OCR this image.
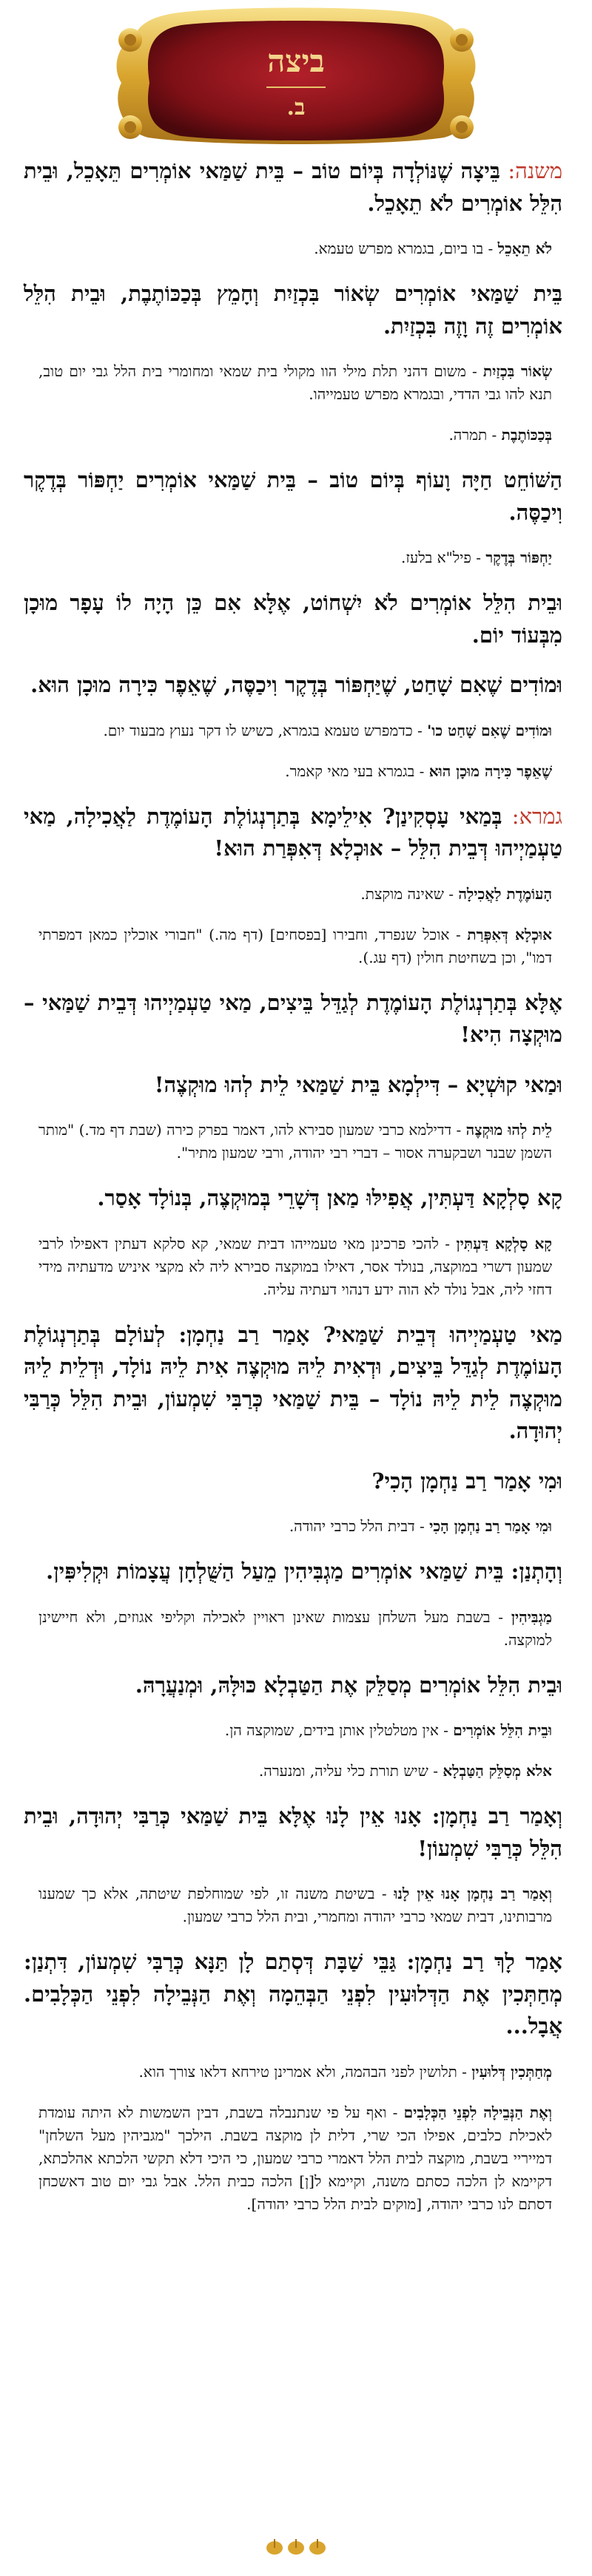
ביצה
ב.
משנה: בֵּיצָה שֶׁנּוֹלְדָה בְּיוֹם טוֹב – בֵּית שַׁמַּאי אוֹמְרִים תֵּאָכֵל, וּבֵית הִלֵּל אוֹמְרִים לֹא תֵאָכֵל.
לֹא תֵאָכֵל - בו ביום, בגמרא מפרש טעמא.
בֵּית שַׁמַּאי אוֹמְרִים שְׂאוֹר בִּכְזַיִת וְחָמֵץ בְּכַכּוֹתֶבֶת, וּבֵית הִלֵּל אוֹמְרִים זֶה וָזֶה בִּכְזַיִת.
שְׂאוֹר בִּכְזַיִת - משום דהני תלת מילי הוו מקולי בית שמאי ומחומרי בית הלל גבי יום טוב, תנא להו גבי הדדי, ובגמרא מפרש טעמייהו.
בְּכַכּוֹתֶבֶת - תמרה.
הַשּׁוֹחֵט חַיָּה וָעוֹף בְּיוֹם טוֹב – בֵּית שַׁמַּאי אוֹמְרִים יַחְפּוֹר בְּדֶקֶר וִיכַסֶּה.
יַחְפּוֹר בְּדֶקֶר - פיל"א בלעז.
וּבֵית הִלֵּל אוֹמְרִים לֹא יִשְׁחוֹט, אֶלָּא אִם כֵּן הָיָה לוֹ עָפָר מוּכָן מִבְּעוֹד יוֹם.
וּמוֹדִים שֶׁאִם שָׁחַט, שֶׁיַּחְפּוֹר בְּדֶקֶר וִיכַסֶּה, שֶׁאֵפֶר כִּירָה מוּכָן הוּא.
וּמוֹדִים שֶׁאִם שָׁחַט כו' - כדמפרש טעמא בגמרא, כשיש לו דקר נעוץ מבעוד יום.
שֶׁאֵפֶר כִּירָה מוּכָן הוּא - בגמרא בעי מאי קאמר.
גמרא: בְּמַאי עָסְקִינַן? אִילֵימָא בְּתַרְנְגוֹלֶת הָעוֹמֶדֶת לַאֲכִילָה, מַאי טַעְמַיְיהוּ דְּבֵית הִלֵּל – אוּכְלָא דְּאִפְּרַת הוּא!
הָעוֹמֶדֶת לַאֲכִילָה - שאינה מוקצת.
אוּכְלָא דְּאִפְּרַת - אוכל שנפרד, וחבירו [בפסחים] (דף מה.) "חבורי אוכלין כמאן דמפרתי דמו", וכן בשחיטת חולין (דף עג.).
אֶלָּא בְּתַרְנְגוֹלֶת הָעוֹמֶדֶת לְגַדֵּל בֵּיצִים, מַאי טַעְמַיְיהוּ דְּבֵית שַׁמַּאי – מוּקְצָה הִיא!
וּמַאי קוּשְׁיָא – דִּילְמָא בֵּית שַׁמַּאי לֵית לְהוּ מוּקְצֶה!
לֵית לְהוּ מוּקְצֶה - דדילמא כרבי שמעון סבירא להו, דאמר בפרק כירה (שבת דף מד.) "מותר השמן שבנר ושבקערה אסור – דברי רבי יהודה, ורבי שמעון מתיר".
קָא סָלְקָא דַּעְתִּין, אֲפִילּוּ מַאן דְּשָׁרֵי בְּמוּקְצֶה, בְּנוֹלָד אָסַר.
קָא סָלְקָא דַּעְתִּין - להכי פרכינן מאי טעמייהו דבית שמאי, קא סלקא דעתין דאפילו לרבי שמעון דשרי במוקצה, בנולד אסר, דאילו במוקצה סבירא ליה לא מקצי איניש מדעתיה מידי דחזי ליה, אבל נולד לא הוה ידע דנהוי דעתיה עליה.
מַאי טַעְמַיְיהוּ דְּבֵית שַׁמַּאי? אָמַר רַב נַחְמָן: לְעוֹלָם בְּתַרְנְגוֹלֶת הָעוֹמֶדֶת לְגַדֵּל בֵּיצִים, וּדְאִית לֵיהּ מוּקְצֶה אִית לֵיהּ נוֹלָד, וּדְלֵית לֵיהּ מוּקְצֶה לֵית לֵיהּ נוֹלָד – בֵּית שַׁמַּאי כְּרַבִּי שִׁמְעוֹן, וּבֵית הִלֵּל כְּרַבִּי יְהוּדָה.
וּמִי אָמַר רַב נַחְמָן הָכִי?
וּמִי אָמַר רַב נַחְמָן הָכִי - דבית הלל כרבי יהודה.
וְהָתְנַן: בֵּית שַׁמַּאי אוֹמְרִים מַגְבִּיהִין מֵעַל הַשֻּׁלְחָן עֲצָמוֹת וּקְלִיפִּין.
מַגְבִּיהִין - בשבת מעל השלחן עצמות שאינן ראויין לאכילה וקליפי אגוזים, ולא חיישינן למוקצה.
וּבֵית הִלֵּל אוֹמְרִים מְסַלֵּק אֶת הַטַּבְלָא כּוּלָּהּ, וּמְנַעֲרָהּ.
וּבֵית הִלֵּל אוֹמְרִים - אין מטלטלין אותן בידים, שמוקצה הן.
אלא מְסַלֵּק הַטַּבְלָא - שיש תורת כלי עליה, ומנערה.
וְאָמַר רַב נַחְמָן: אָנוּ אֵין לָנוּ אֶלָּא בֵּית שַׁמַּאי כְּרַבִּי יְהוּדָה, וּבֵית הִלֵּל כְּרַבִּי שִׁמְעוֹן!
וְאָמַר רַב נַחְמָן אָנוּ אֵין לָנוּ - בשיטת משנה זו, לפי שמוחלפת שיטתה, אלא כך שמענו מרבותינו, דבית שמאי כרבי יהודה ומחמרי, ובית הלל כרבי שמעון.
אָמַר לָךְ רַב נַחְמָן: גַּבֵּי שַׁבָּת דְּסְתַם לָן תַּנָּא כְּרַבִּי שִׁמְעוֹן, דִּתְנַן: מְחַתְּכִין אֶת הַדְּלוּעִין לִפְנֵי הַבְּהֵמָה וְאֶת הַנְּבֵילָה לִפְנֵי הַכְּלָבִים. אֲבָל...
מְחַתְּכִין דְּלוּעִין - תלושין לפני הבהמה, ולא אמרינן טירחא דלאו צורך הוא.
וְאֶת הַנְּבֵילָה לִפְנֵי הַכְּלָבִים - ואף על פי שנתנבלה בשבת, דבין השמשות לא היתה עומדת לאכילת כלבים, אפילו הכי שרי, דלית לן מוקצה בשבת. הילכך "מגביהין מעל השלחן" דמייריי בשבת, מוקצה לבית הלל דאמרי כרבי שמעון, כי היכי דלא תקשי הלכתא אהלכתא, דקיימא לן הלכה כסתם משנה, וקיימא ל[ן] הלכה כבית הלל. אבל גבי יום טוב דאשכחן דסתם לנו כרבי יהודה, [מוקים לבית הלל כרבי יהודה].
